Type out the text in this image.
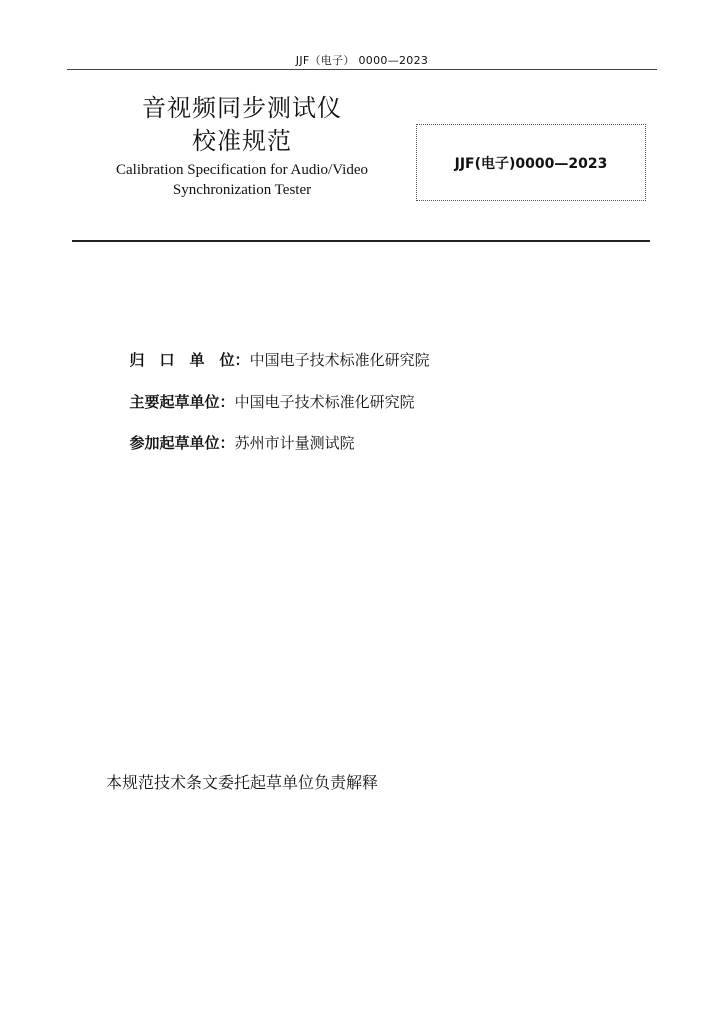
JJF（电子） 0000—2023
音视频同步测试仪
校准规范
Calibration Specification for Audio/Video
Synchronization Tester
JJF(电子)0000—2023

归　口　单　位：中国电子技术标准化研究院

主要起草单位：中国电子技术标准化研究院

参加起草单位：苏州市计量测试院

本规范技术条文委托起草单位负责解释
